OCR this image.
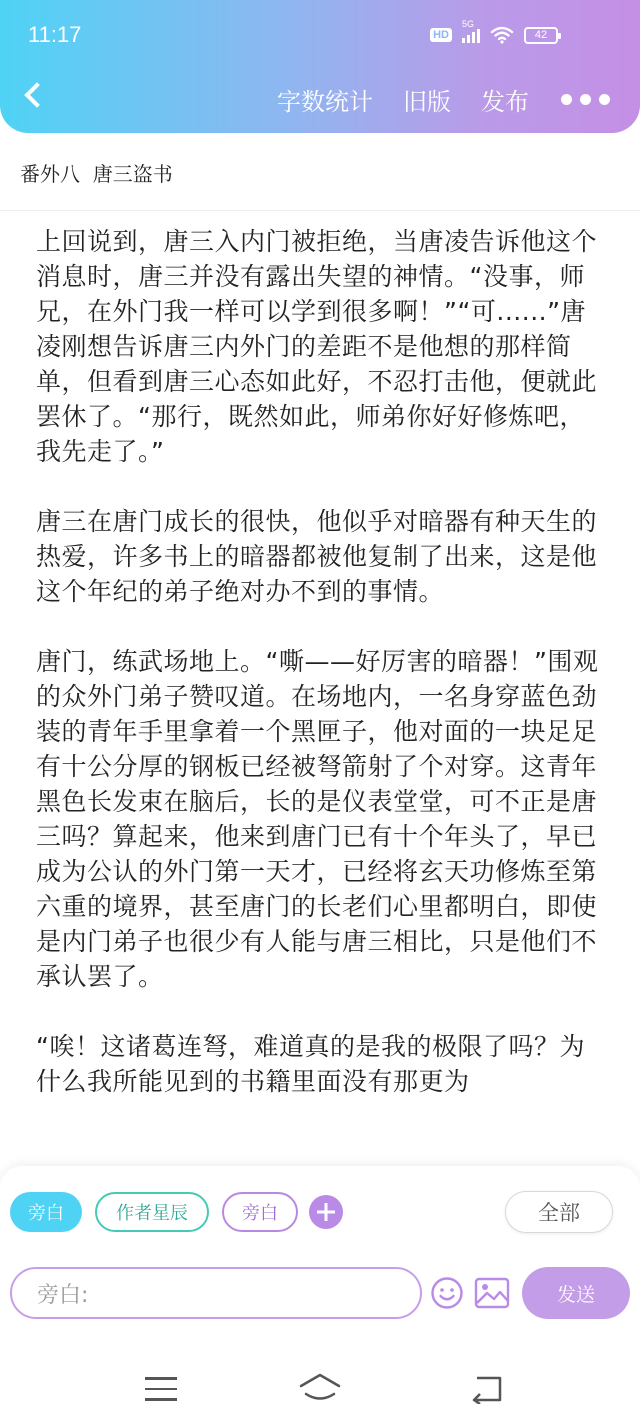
11:17	HD
5G
42
字数统计 旧版 发布
番外八  唐三盗书

上回说到，唐三入内门被拒绝，当唐凌告诉他这个消息时，唐三并没有露出失望的神情。“没事，师兄，在外门我一样可以学到很多啊！”“可......”唐凌刚想告诉唐三内外门的差距不是他想的那样简单，但看到唐三心态如此好，不忍打击他，便就此罢休了。“那行，既然如此，师弟你好好修炼吧，我先走了。”

唐三在唐门成长的很快，他似乎对暗器有种天生的热爱，许多书上的暗器都被他复制了出来，这是他这个年纪的弟子绝对办不到的事情。

唐门，练武场地上。“嘶——好厉害的暗器！”围观的众外门弟子赞叹道。在场地内，一名身穿蓝色劲装的青年手里拿着一个黑匣子，他对面的一块足足有十公分厚的钢板已经被弩箭射了个对穿。这青年黑色长发束在脑后，长的是仪表堂堂，可不正是唐三吗？算起来，他来到唐门已有十个年头了，早已成为公认的外门第一天才，已经将玄天功修炼至第六重的境界，甚至唐门的长老们心里都明白，即使是内门弟子也很少有人能与唐三相比，只是他们不承认罢了。

“唉！这诸葛连弩，难道真的是我的极限了吗？为什么我所能见到的书籍里面没有那更为

旁白	作者星辰	旁白	全部
旁白:	发送
